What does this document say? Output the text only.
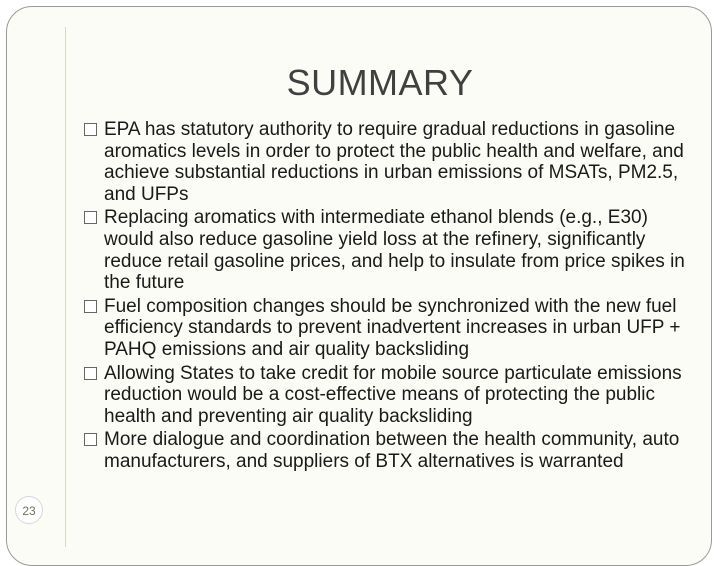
SUMMARY
EPA has statutory authority to require gradual reductions in gasoline aromatics levels in order to protect the public health and welfare, and achieve substantial reductions in urban emissions of MSATs, PM2.5, and UFPs
Replacing aromatics with intermediate ethanol blends (e.g., E30) would also reduce gasoline yield loss at the refinery, significantly reduce retail gasoline prices, and help to insulate from price spikes in the future
Fuel composition changes should be synchronized with the new fuel efficiency standards to prevent inadvertent increases in urban UFP + PAHQ emissions and air quality backsliding
Allowing States to take credit for mobile source particulate emissions reduction would be a cost-effective means of protecting the public health and preventing air quality backsliding
More dialogue and coordination between the health community, auto manufacturers, and suppliers of BTX alternatives is warranted
23
